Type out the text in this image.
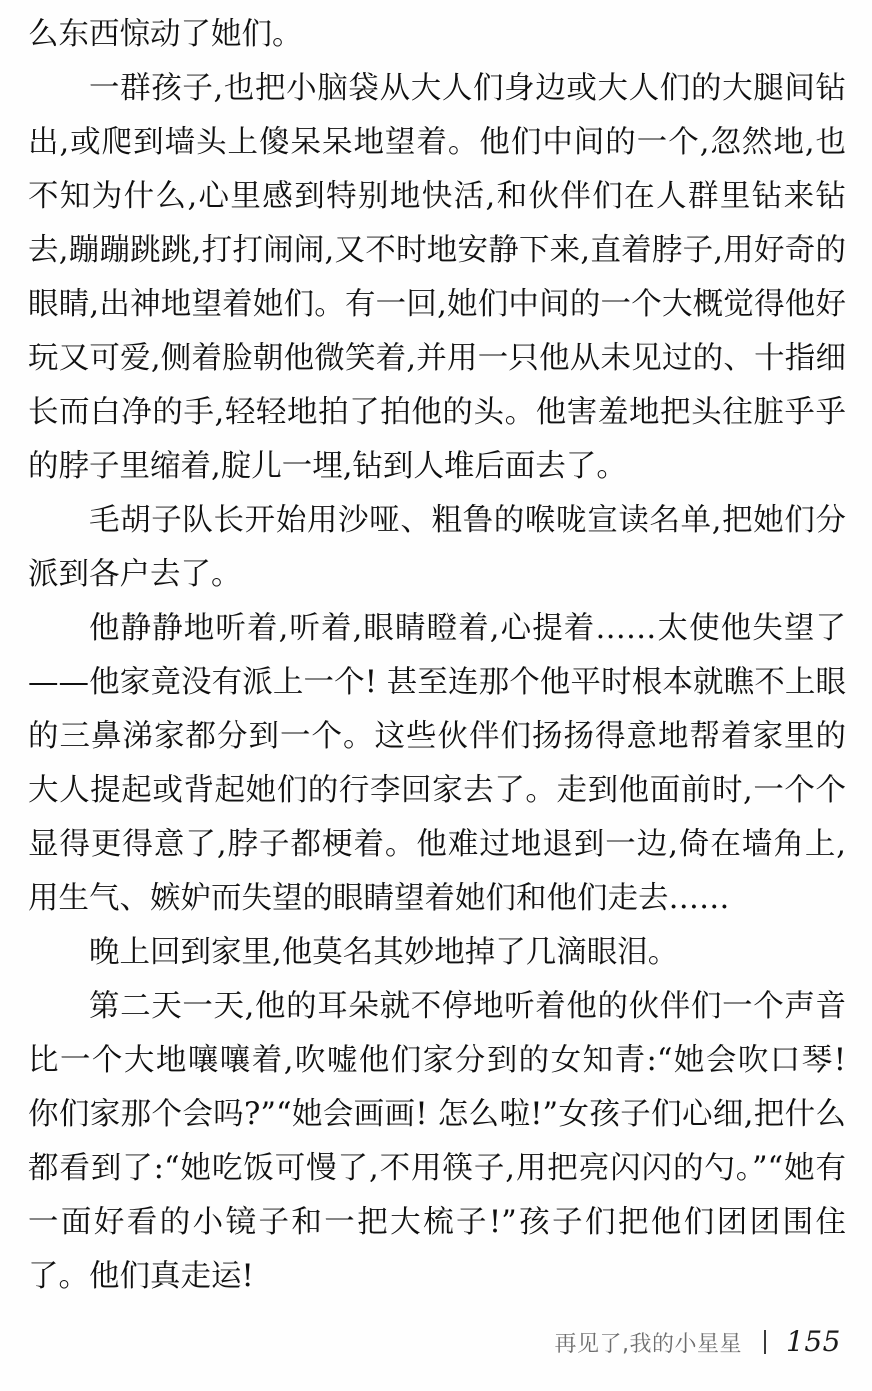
么东西惊动了她们。

一群孩子,也把小脑袋从大人们身边或大人们的大腿间钻出,或爬到墙头上傻呆呆地望着。他们中间的一个,忽然地,也不知为什么,心里感到特别地快活,和伙伴们在人群里钻来钻去,蹦蹦跳跳,打打闹闹,又不时地安静下来,直着脖子,用好奇的眼睛,出神地望着她们。有一回,她们中间的一个大概觉得他好玩又可爱,侧着脸朝他微笑着,并用一只他从未见过的、十指细长而白净的手,轻轻地拍了拍他的头。他害羞地把头往脏乎乎的脖子里缩着,腚儿一埋,钻到人堆后面去了。

毛胡子队长开始用沙哑、粗鲁的喉咙宣读名单,把她们分派到各户去了。

他静静地听着,听着,眼睛瞪着,心提着……太使他失望了——他家竟没有派上一个! 甚至连那个他平时根本就瞧不上眼的三鼻涕家都分到一个。这些伙伴们扬扬得意地帮着家里的大人提起或背起她们的行李回家去了。走到他面前时,一个个显得更得意了,脖子都梗着。他难过地退到一边,倚在墙角上,用生气、嫉妒而失望的眼睛望着她们和他们走去……

晚上回到家里,他莫名其妙地掉了几滴眼泪。

第二天一天,他的耳朵就不停地听着他的伙伴们一个声音比一个大地嚷嚷着,吹嘘他们家分到的女知青:“她会吹口琴! 你们家那个会吗?”“她会画画! 怎么啦!”女孩子们心细,把什么都看到了:“她吃饭可慢了,不用筷子,用把亮闪闪的勺。”“她有一面好看的小镜子和一把大梳子!”孩子们把他们团团围住了。他们真走运!

再见了,我的小星星 155
